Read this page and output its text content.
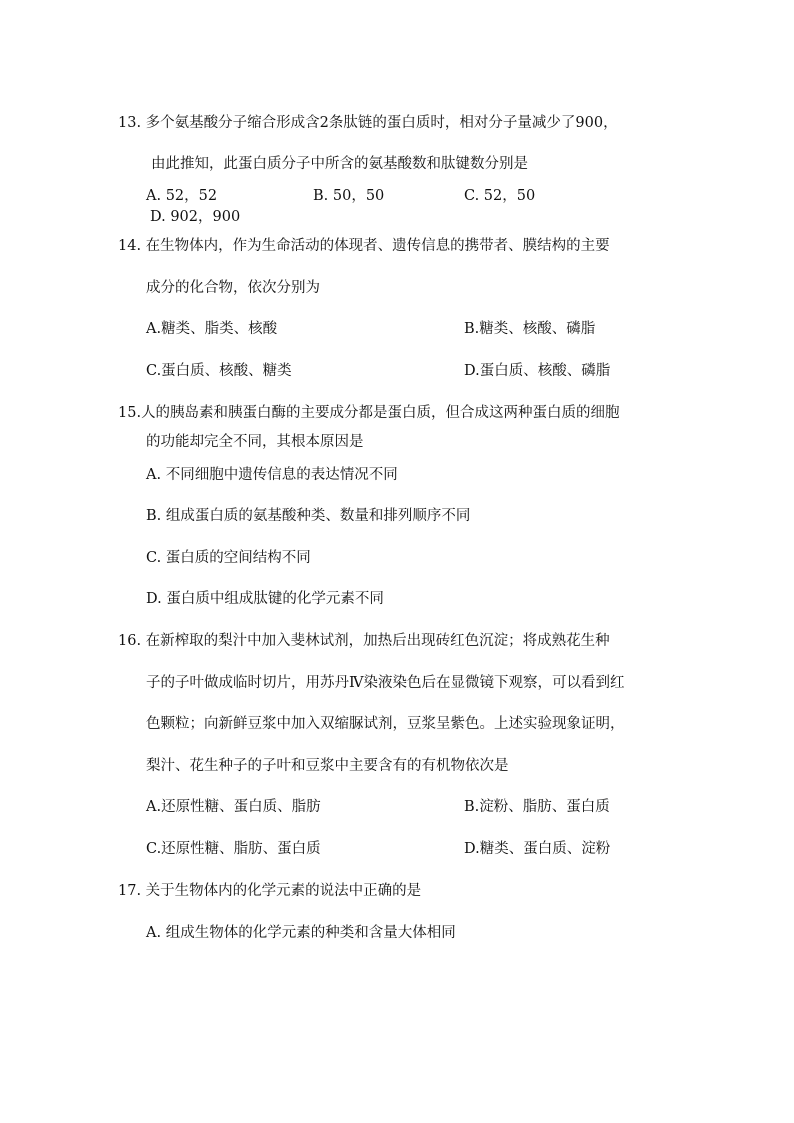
13. 多个氨基酸分子缩合形成含2条肽链的蛋白质时，相对分子量减少了900，
由此推知，此蛋白质分子中所含的氨基酸数和肽键数分别是
A. 52，52	B. 50，50	C. 52，50
D. 902，900
14. 在生物体内，作为生命活动的体现者、遗传信息的携带者、膜结构的主要
成分的化合物，依次分别为
A.糖类、脂类、核酸	B.糖类、核酸、磷脂
C.蛋白质、核酸、糖类	D.蛋白质、核酸、磷脂
15.人的胰岛素和胰蛋白酶的主要成分都是蛋白质，但合成这两种蛋白质的细胞
的功能却完全不同，其根本原因是
A. 不同细胞中遗传信息的表达情况不同
B. 组成蛋白质的氨基酸种类、数量和排列顺序不同
C. 蛋白质的空间结构不同
D. 蛋白质中组成肽键的化学元素不同
16. 在新榨取的梨汁中加入斐林试剂，加热后出现砖红色沉淀；将成熟花生种
子的子叶做成临时切片，用苏丹Ⅳ染液染色后在显微镜下观察，可以看到红
色颗粒；向新鲜豆浆中加入双缩脲试剂，豆浆呈紫色。上述实验现象证明，
梨汁、花生种子的子叶和豆浆中主要含有的有机物依次是
A.还原性糖、蛋白质、脂肪	B.淀粉、脂肪、蛋白质
C.还原性糖、脂肪、蛋白质	D.糖类、蛋白质、淀粉
17. 关于生物体内的化学元素的说法中正确的是
A. 组成生物体的化学元素的种类和含量大体相同
